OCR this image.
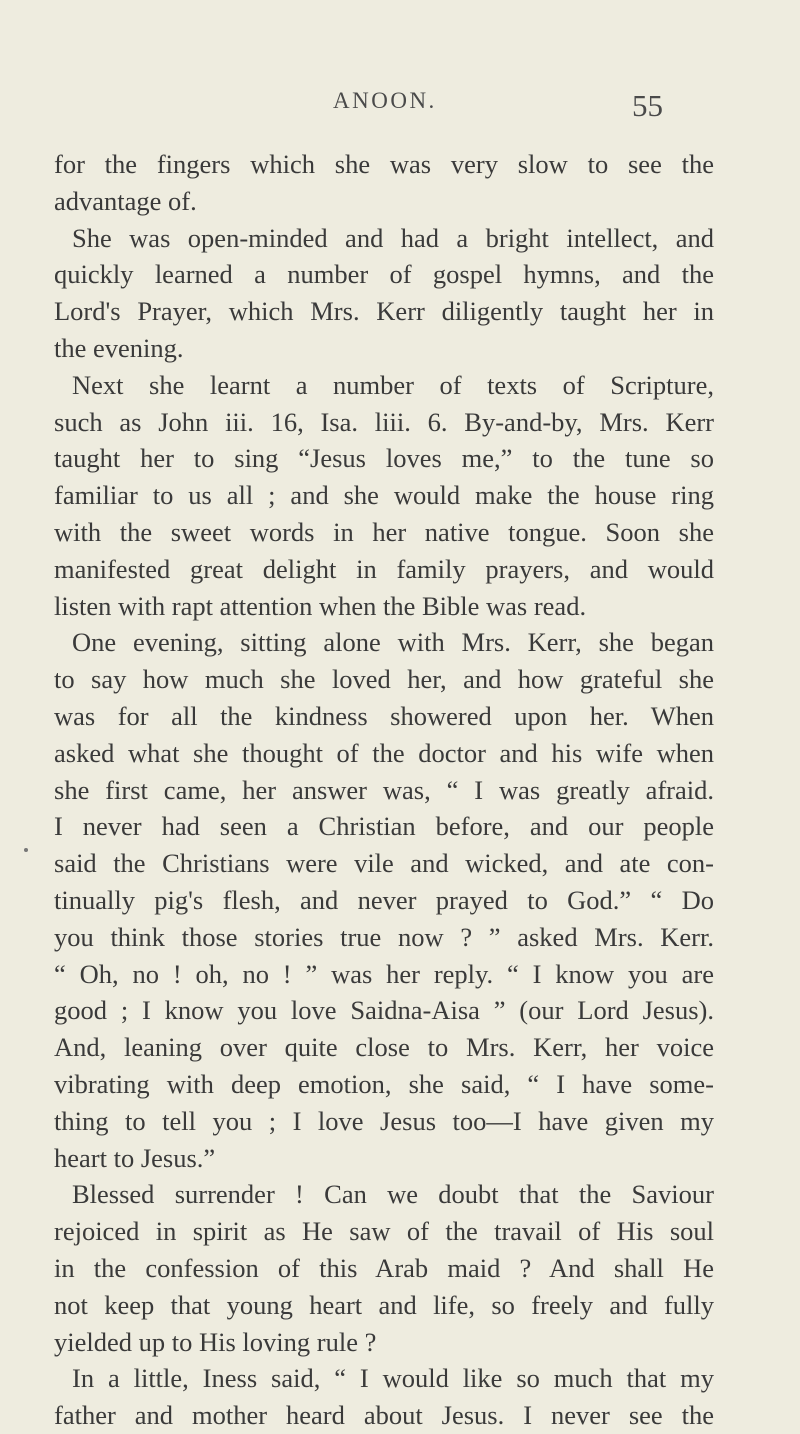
ANOON.	55
for the fingers which she was very slow to see the
advantage of.
She was open-minded and had a bright intellect, and
quickly learned a number of gospel hymns, and the
Lord's Prayer, which Mrs. Kerr diligently taught her in
the evening.
Next she learnt a number of texts of Scripture,
such as John iii. 16, Isa. liii. 6. By-and-by, Mrs. Kerr
taught her to sing “Jesus loves me,” to the tune so
familiar to us all ; and she would make the house ring
with the sweet words in her native tongue. Soon she
manifested great delight in family prayers, and would
listen with rapt attention when the Bible was read.
One evening, sitting alone with Mrs. Kerr, she began
to say how much she loved her, and how grateful she
was for all the kindness showered upon her. When
asked what she thought of the doctor and his wife when
she first came, her answer was, “ I was greatly afraid.
I never had seen a Christian before, and our people
said the Christians were vile and wicked, and ate con-
tinually pig's flesh, and never prayed to God.” “ Do
you think those stories true now ? ” asked Mrs. Kerr.
“ Oh, no ! oh, no ! ” was her reply. “ I know you are
good ; I know you love Saidna-Aisa ” (our Lord Jesus).
And, leaning over quite close to Mrs. Kerr, her voice
vibrating with deep emotion, she said, “ I have some-
thing to tell you ; I love Jesus too—I have given my
heart to Jesus.”
Blessed surrender ! Can we doubt that the Saviour
rejoiced in spirit as He saw of the travail of His soul
in the confession of this Arab maid ? And shall He
not keep that young heart and life, so freely and fully
yielded up to His loving rule ?
In a little, Iness said, “ I would like so much that my
father and mother heard about Jesus. I never see the
